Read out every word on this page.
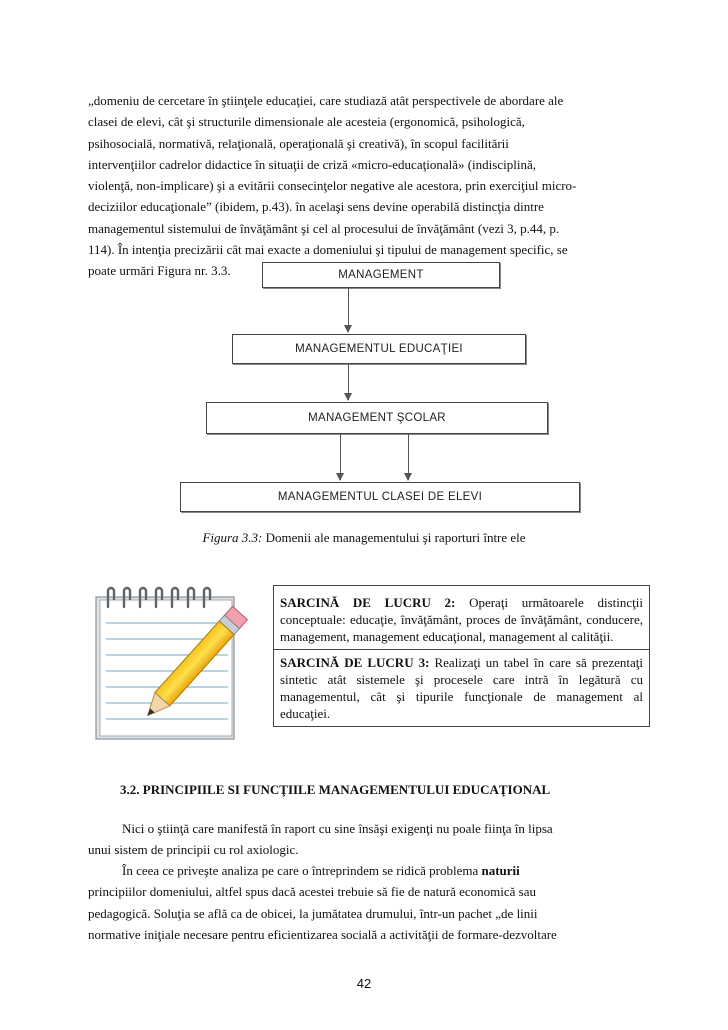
„domeniu de cercetare în ştiinţele educaţiei, care studiază atât perspectivele de abordare ale
clasei de elevi, cât şi structurile dimensionale ale acesteia (ergonomică, psihologică,
psihosocială, normativă, relaţională, operaţională şi creativă), în scopul facilitării
intervenţiilor cadrelor didactice în situaţii de criză «micro-educaţională» (indisciplină,
violenţă, non-implicare) şi a evitării consecinţelor negative ale acestora, prin exerciţiul micro-
deciziilor educaţionale” (ibidem, p.43). în acelaşi sens devine operabilă distincţia dintre
managementul sistemului de învăţământ şi cel al procesului de învăţământ (vezi 3, p.44, p.
114). În intenţia precizării cât mai exacte a domeniului şi tipului de management specific, se
poate urmări Figura nr. 3.3.	MANAGEMENT
MANAGEMENTUL EDUCAŢIEI
MANAGEMENT ŞCOLAR
MANAGEMENTUL CLASEI DE ELEVI
Figura 3.3: Domenii ale managementului şi raporturi între ele
SARCINĂ DE LUCRU 2: Operaţi următoarele distincţii conceptuale: educaţie, învăţământ, proces de învăţământ, conducere, management, management educaţional, management al calităţii.
SARCINĂ DE LUCRU 3: Realizaţi un tabel în care să prezentaţi sintetic atât sistemele şi procesele care intră în legătură cu managementul, cât şi tipurile funcţionale de management al educaţiei.
3.2. PRINCIPIILE SI FUNCŢIILE MANAGEMENTULUI EDUCAŢIONAL
Nici o ştiinţă care manifestă în raport cu sine însăşi exigenţi nu poale fiinţa în lipsa
unui sistem de principii cu rol axiologic.
În ceea ce priveşte analiza pe care o întreprindem se ridică problema naturii
principiilor domeniului, altfel spus dacă acestei trebuie să fie de natură economică sau
pedagogică. Soluţia se află ca de obicei, la jumătatea drumului, într-un pachet „de linii
normative iniţiale necesare pentru eficientizarea socială a activităţii de formare-dezvoltare
42
